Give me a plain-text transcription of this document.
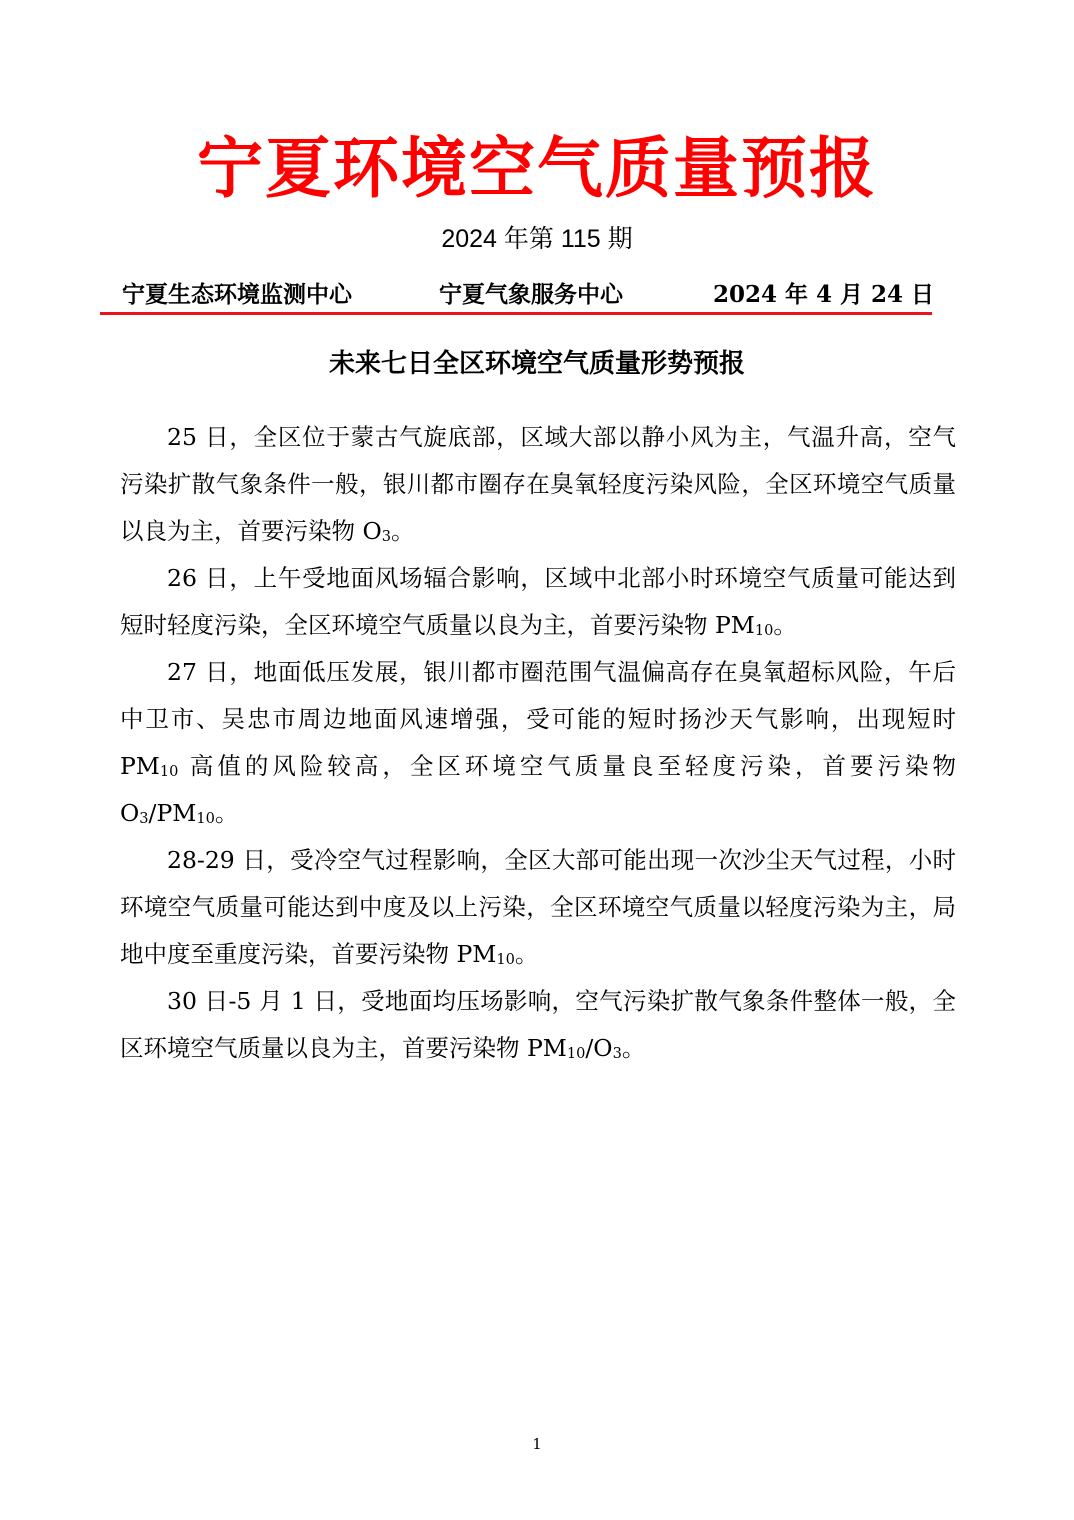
宁夏环境空气质量预报
2024 年第 115 期
宁夏生态环境监测中心	宁夏气象服务中心	2024 年 4 月 24 日
未来七日全区环境空气质量形势预报

25 日，全区位于蒙古气旋底部，区域大部以静小风为主，气温升高，空气污染扩散气象条件一般，银川都市圈存在臭氧轻度污染风险，全区环境空气质量以良为主，首要污染物 O3。

26 日，上午受地面风场辐合影响，区域中北部小时环境空气质量可能达到短时轻度污染，全区环境空气质量以良为主，首要污染物 PM10。

27 日，地面低压发展，银川都市圈范围气温偏高存在臭氧超标风险，午后中卫市、吴忠市周边地面风速增强，受可能的短时扬沙天气影响，出现短时 PM10 高值的风险较高，全区环境空气质量良至轻度污染，首要污染物 O3/PM10。

28-29 日，受冷空气过程影响，全区大部可能出现一次沙尘天气过程，小时环境空气质量可能达到中度及以上污染，全区环境空气质量以轻度污染为主，局地中度至重度污染，首要污染物 PM10。

30 日-5 月 1 日，受地面均压场影响，空气污染扩散气象条件整体一般，全区环境空气质量以良为主，首要污染物 PM10/O3。

1
